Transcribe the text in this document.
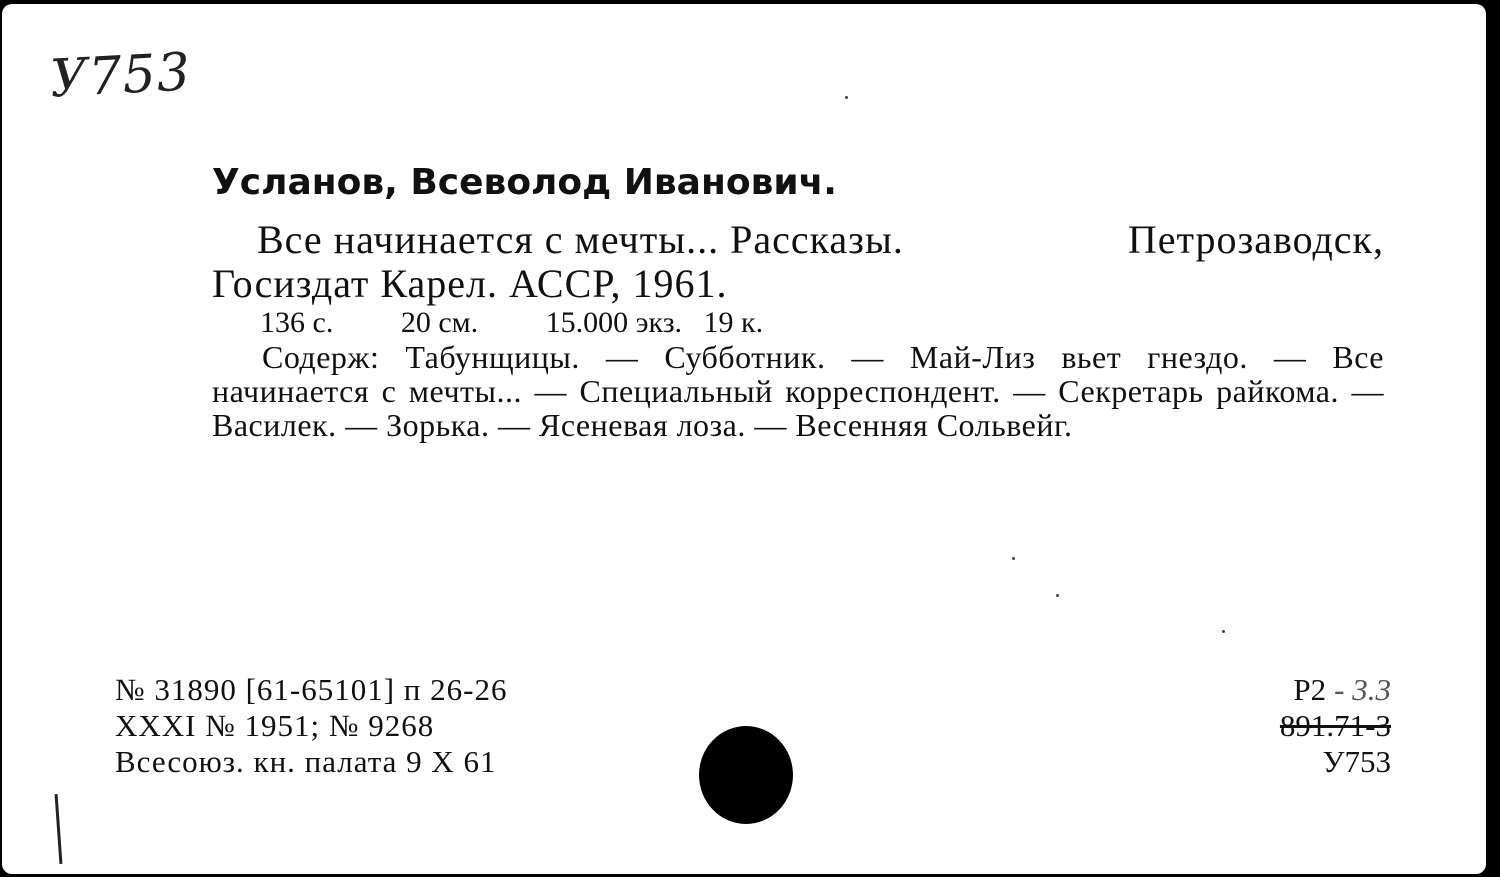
У753
Усланов, Всеволод Иванович.
Все начинается с мечты... Рассказы.	Петрозаводск,
Госиздат Карел. АССР, 1961.
136 с. 20 см. 15.000 экз. 19 к.
Содерж: Табунщицы. — Субботник. — Май-Лиз вьет гнездо. — Все начинается с мечты... — Специальный корреспондент. — Секретарь райкома. — Василек. — Зорька. — Ясеневая лоза. — Весенняя Сольвейг.
№ 31890 [61-65101] п 26-26
XXXI № 1951; № 9268
Всесоюз. кн. палата 9 X 61
Р2 - 3.3
891.71-3
У753
